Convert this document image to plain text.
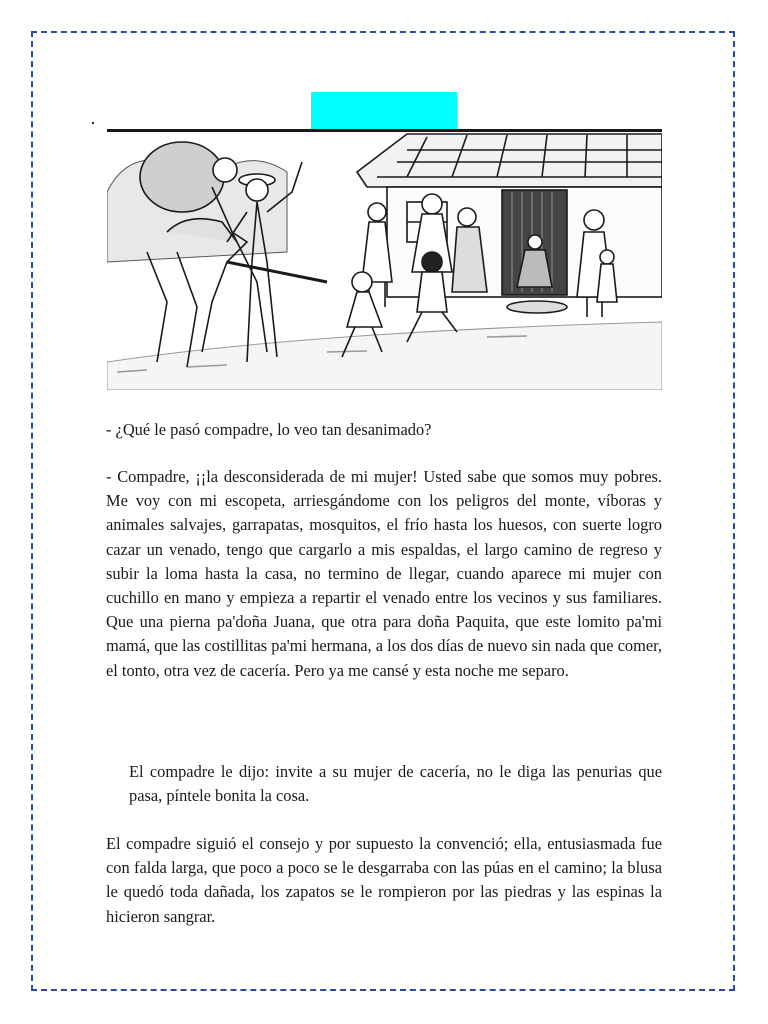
- ¿Qué le pasó compadre, lo veo tan desanimado?

- Compadre, ¡¡la desconsiderada de mi mujer! Usted sabe que somos muy pobres. Me voy con mi escopeta, arriesgándome con los peligros del monte, víboras y animales salvajes, garrapatas, mosquitos, el frío hasta los huesos, con suerte logro cazar un venado, tengo que cargarlo a mis espaldas, el largo camino de regreso y subir la loma hasta la casa, no termino de llegar, cuando aparece mi mujer con cuchillo en mano y empieza a repartir el venado entre los vecinos y sus familiares. Que una pierna pa'doña Juana, que otra para doña Paquita, que este lomito pa'mi mamá, que las costillitas pa'mi hermana, a los dos días de nuevo sin nada que comer, el tonto, otra vez de cacería. Pero ya me cansé y esta noche me separo.

El compadre le dijo: invite a su mujer de cacería, no le diga las penurias que pasa, píntele bonita la cosa.

El compadre siguió el consejo y por supuesto la convenció; ella, entusiasmada fue con falda larga, que poco a poco se le desgarraba con las púas en el camino; la blusa le quedó toda dañada, los zapatos se le rompieron por las piedras y las espinas la hicieron sangrar.
